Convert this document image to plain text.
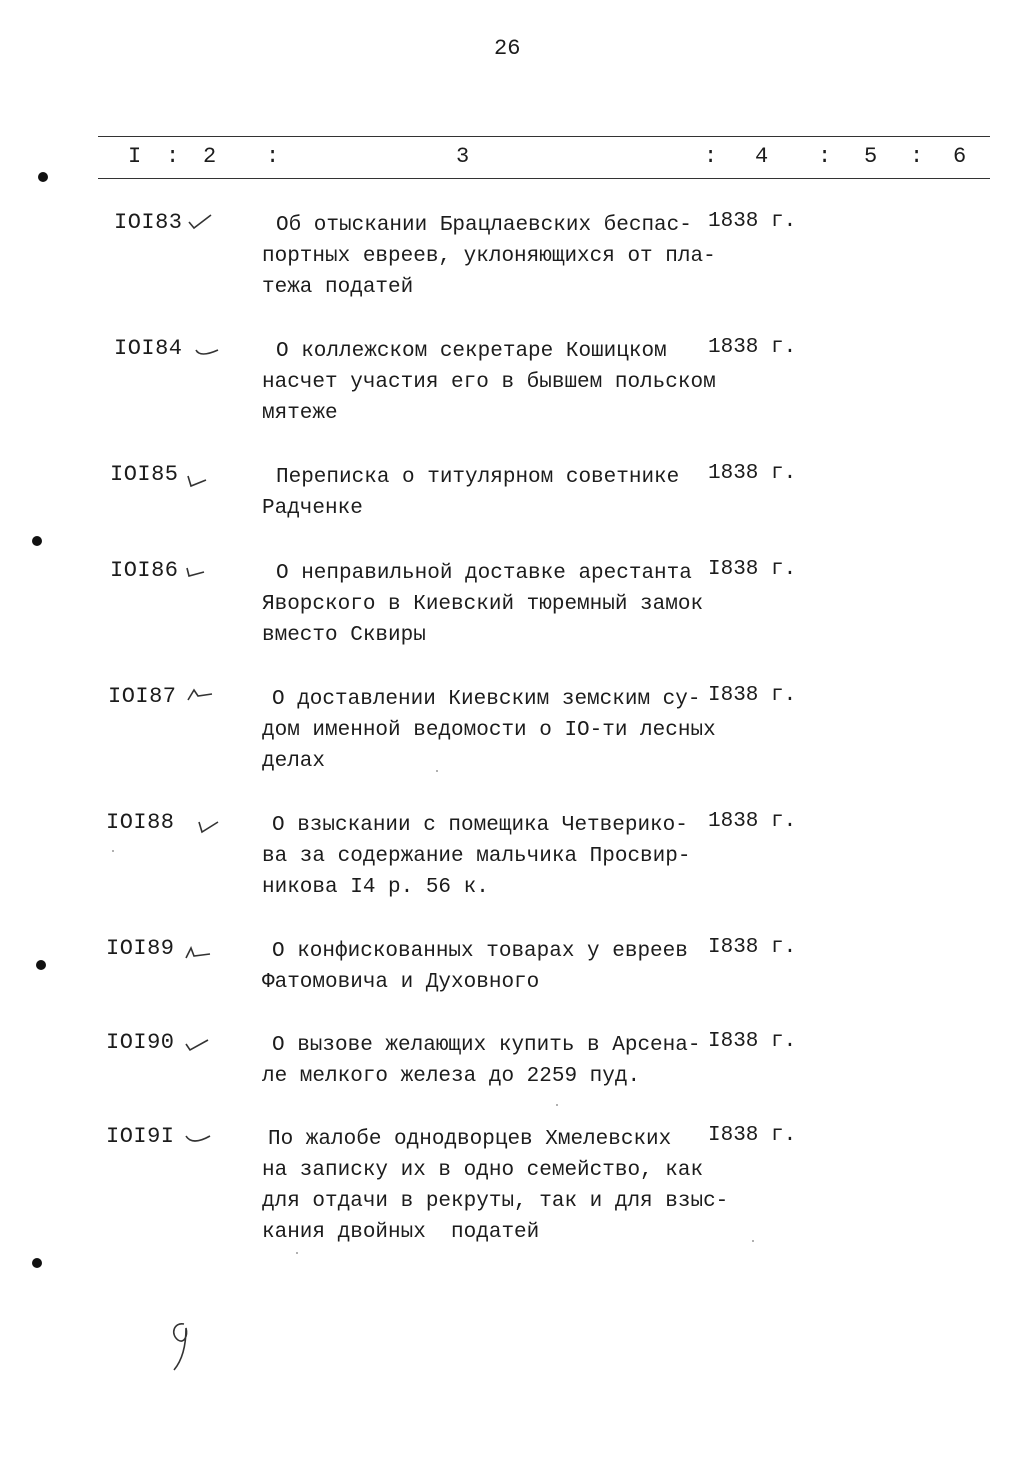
26
I : 2 :	3	: 4 : 5 : 6
IOI83	Об отыскании Брацлаевских беспас-
портных евреев, уклоняющихся от пла-
тежа податей
1838 г.
IOI84	О коллежском секретаре Кошицком
насчет участия его в бывшем польском
мятеже
1838 г.
IOI85	Переписка о титулярном советнике
Радченке
1838 г.
IOI86	О неправильной доставке арестанта
Яворского в Киевский тюремный замок
вместо Сквиры
I838 г.
IOI87	О доставлении Киевским земским су-
дом именной ведомости о IO-ти лесных
делах
I838 г.
IOI88	О взыскании с помещика Четверико-
ва за содержание мальчика Просвир-
никова I4 р. 56 к.
1838 г.
IOI89	О конфискованных товарах у евреев
Фатомовича и Духовного
I838 г.
IOI90	О вызове желающих купить в Арсена-
ле мелкого железа до 2259 пуд.
I838 г.
IOI9I	По жалобе однодворцев Хмелевских
на записку их в одно семейство, как
для отдачи в рекруты, так и для взыс-
кания двойных  податей
I838 г.
